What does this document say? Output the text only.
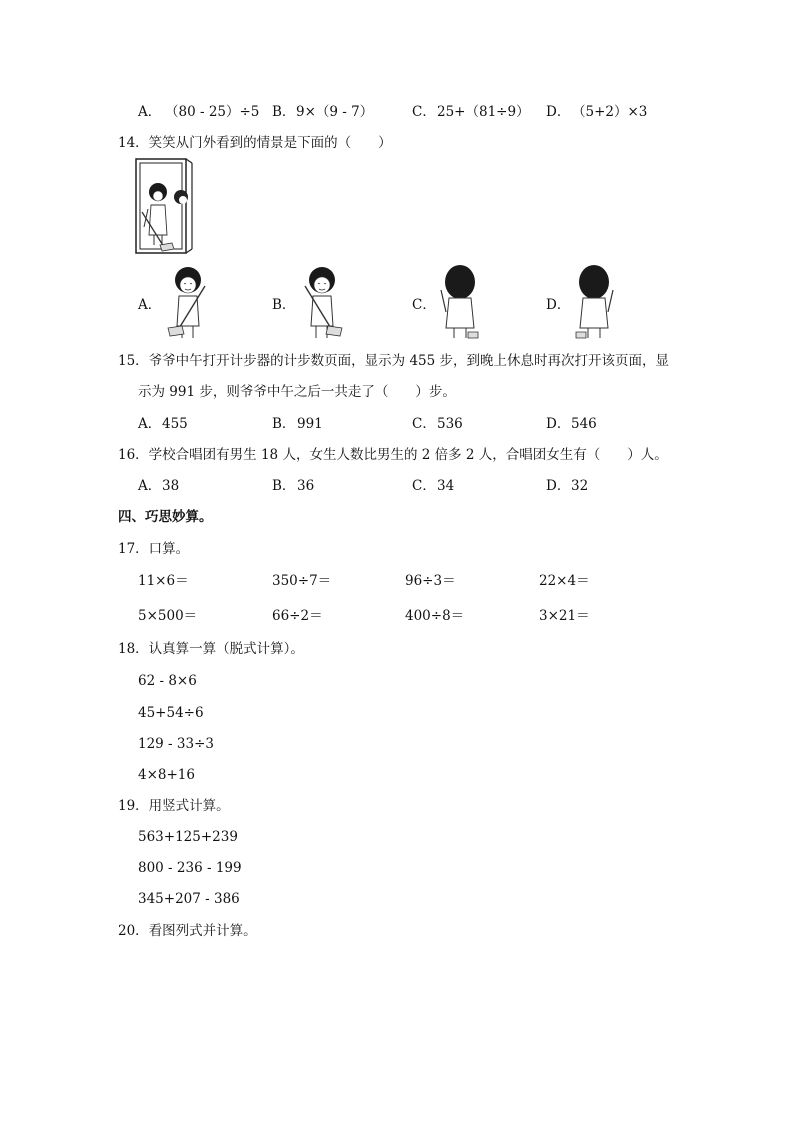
A． （80 - 25）÷5 B． 9×（9 - 7）	C． 25+（81÷9） D． （5+2）×3
14．笑笑从门外看到的情景是下面的（　　）
A．	B．	C．	D．
15．爷爷中午打开计步器的计步数页面，显示为 455 步，到晚上休息时再次打开该页面，显
示为 991 步，则爷爷中午之后一共走了（　　）步。
A． 455	B． 991	C． 536	D． 546
16．学校合唱团有男生 18 人，女生人数比男生的 2 倍多 2 人，合唱团女生有（　　）人。
A． 38	B． 36	C． 34	D． 32
四、巧思妙算。
17．口算。
11×6＝	350÷7＝	96÷3＝	22×4＝
5×500＝	66÷2＝	400÷8＝	3×21＝
18．认真算一算（脱式计算）。
62 - 8×6
45+54÷6
129 - 33÷3
4×8+16
19．用竖式计算。
563+125+239
800 - 236 - 199
345+207 - 386
20．看图列式并计算。
